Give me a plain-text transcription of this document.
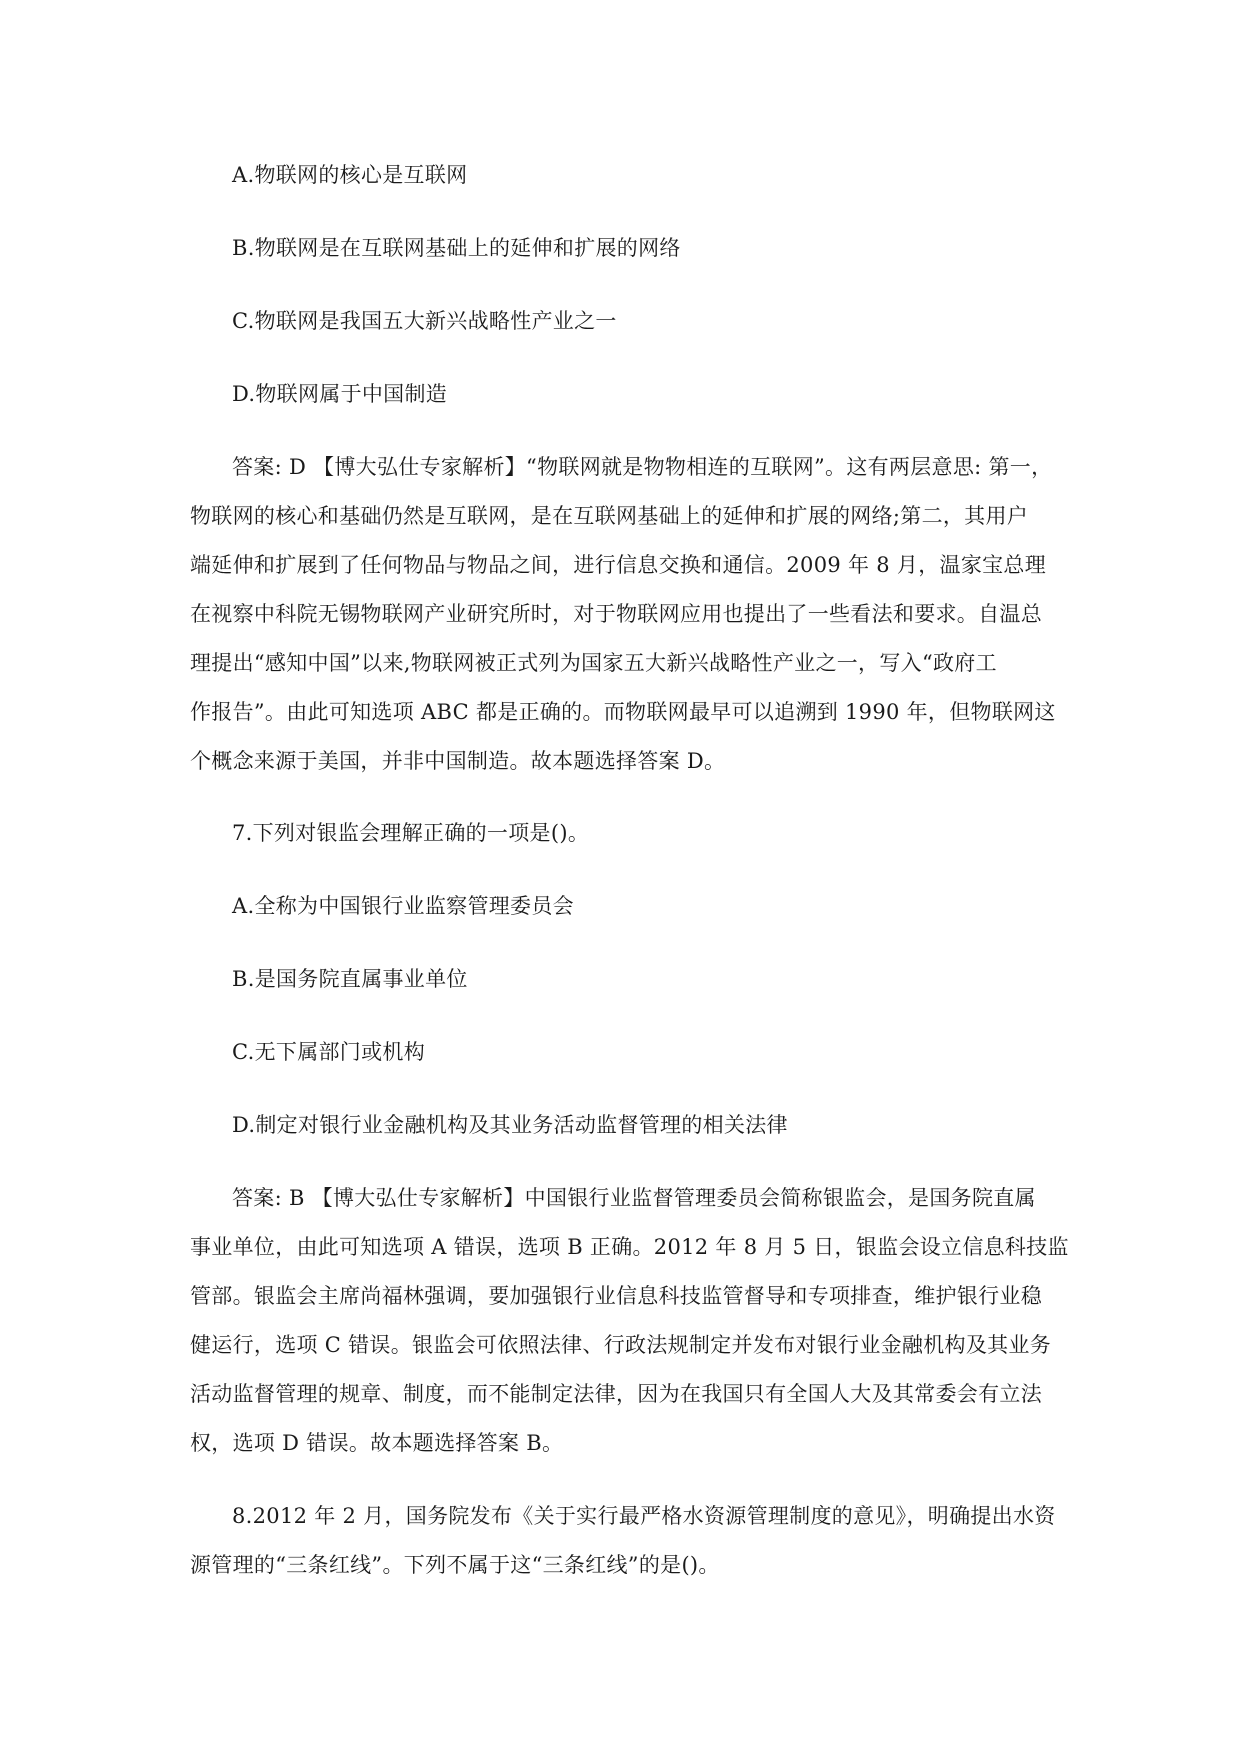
A.物联网的核心是互联网
B.物联网是在互联网基础上的延伸和扩展的网络
C.物联网是我国五大新兴战略性产业之一
D.物联网属于中国制造
答案: D 【博大弘仕专家解析】“物联网就是物物相连的互联网”。这有两层意思: 第一，
物联网的核心和基础仍然是互联网，是在互联网基础上的延伸和扩展的网络;第二，其用户
端延伸和扩展到了任何物品与物品之间，进行信息交换和通信。2009 年 8 月，温家宝总理
在视察中科院无锡物联网产业研究所时，对于物联网应用也提出了一些看法和要求。自温总
理提出“感知中国”以来,物联网被正式列为国家五大新兴战略性产业之一，写入“政府工
作报告”。由此可知选项 ABC 都是正确的。而物联网最早可以追溯到 1990 年，但物联网这
个概念来源于美国，并非中国制造。故本题选择答案 D。
7.下列对银监会理解正确的一项是()。
A.全称为中国银行业监察管理委员会
B.是国务院直属事业单位
C.无下属部门或机构
D.制定对银行业金融机构及其业务活动监督管理的相关法律
答案: B 【博大弘仕专家解析】中国银行业监督管理委员会简称银监会，是国务院直属
事业单位，由此可知选项 A 错误，选项 B 正确。2012 年 8 月 5 日，银监会设立信息科技监
管部。银监会主席尚福林强调，要加强银行业信息科技监管督导和专项排查，维护银行业稳
健运行，选项 C 错误。银监会可依照法律、行政法规制定并发布对银行业金融机构及其业务
活动监督管理的规章、制度，而不能制定法律，因为在我国只有全国人大及其常委会有立法
权，选项 D 错误。故本题选择答案 B。
8.2012 年 2 月，国务院发布《关于实行最严格水资源管理制度的意见》，明确提出水资
源管理的“三条红线”。下列不属于这“三条红线”的是()。
